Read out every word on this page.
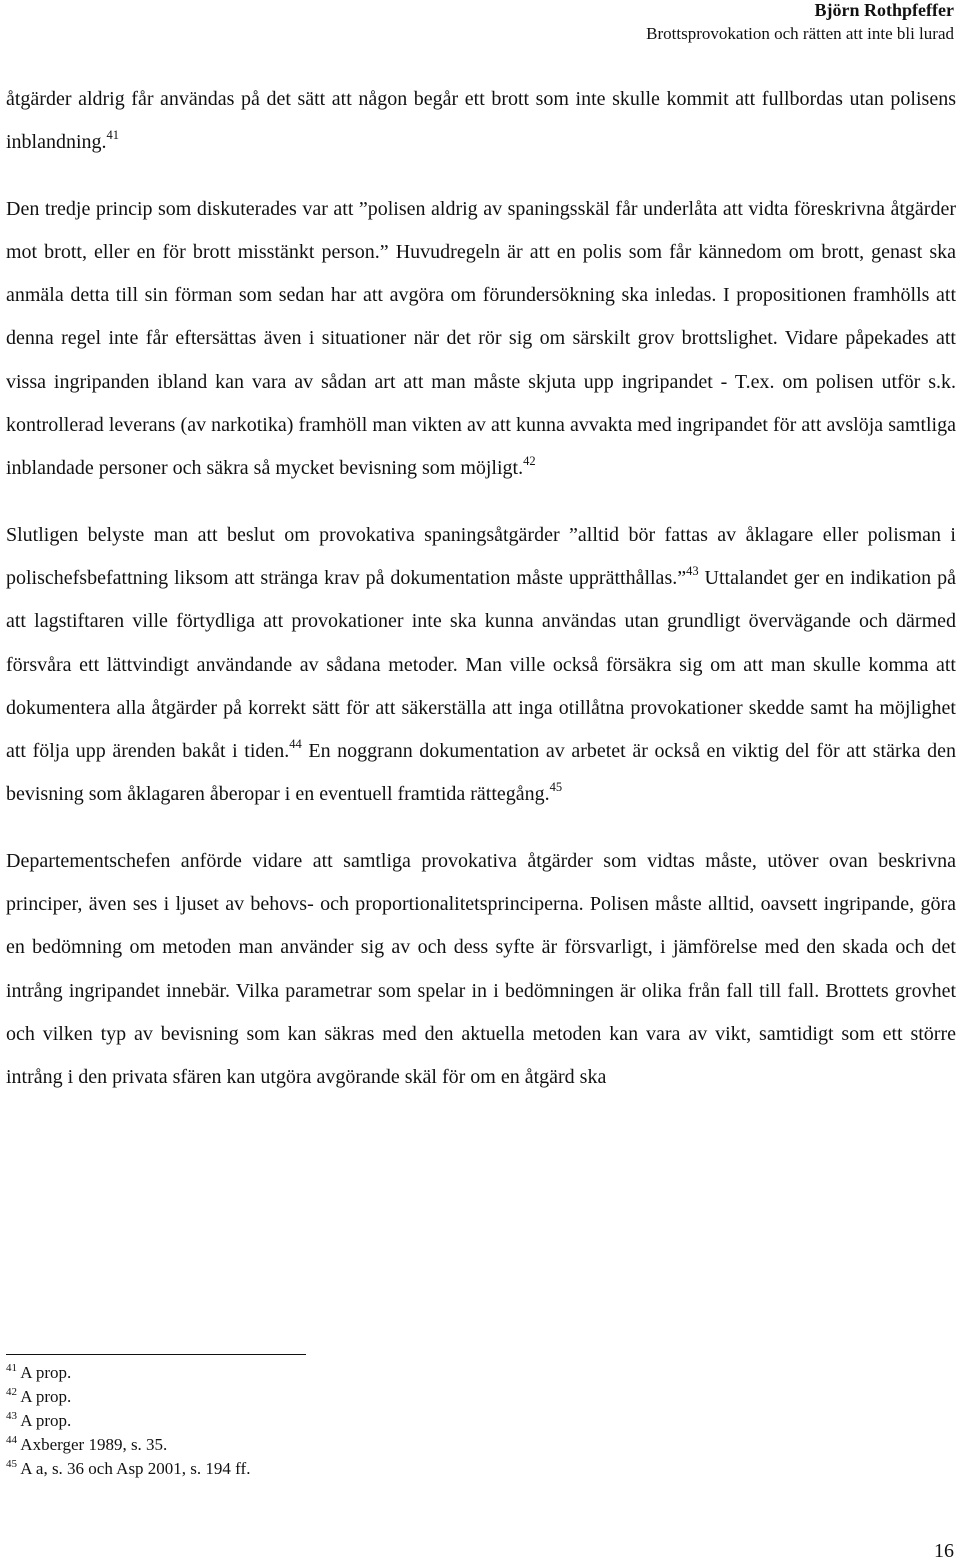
Björn Rothpfeffer
Brottsprovokation och rätten att inte bli lurad

åtgärder aldrig får användas på det sätt att någon begår ett brott som inte skulle kommit att fullbordas utan polisens inblandning.$^{41}$

Den tredje princip som diskuterades var att ”polisen aldrig av spaningsskäl får underlåta att vidta föreskrivna åtgärder mot brott, eller en för brott misstänkt person.” Huvudregeln är att en polis som får kännedom om brott, genast ska anmäla detta till sin förman som sedan har att avgöra om förundersökning ska inledas. I propositionen framhölls att denna regel inte får eftersättas även i situationer när det rör sig om särskilt grov brottslighet. Vidare påpekades att vissa ingripanden ibland kan vara av sådan art att man måste skjuta upp ingripandet - T.ex. om polisen utför s.k. kontrollerad leverans (av narkotika) framhöll man vikten av att kunna avvakta med ingripandet för att avslöja samtliga inblandade personer och säkra så mycket bevisning som möjligt.$^{42}$

Slutligen belyste man att beslut om provokativa spaningsåtgärder ”alltid bör fattas av åklagare eller polisman i polischefsbefattning liksom att stränga krav på dokumentation måste upprätthållas.”$^{43}$ Uttalandet ger en indikation på att lagstiftaren ville förtydliga att provokationer inte ska kunna användas utan grundligt övervägande och därmed försvåra ett lättvindigt användande av sådana metoder. Man ville också försäkra sig om att man skulle komma att dokumentera alla åtgärder på korrekt sätt för att säkerställa att inga otillåtna provokationer skedde samt ha möjlighet att följa upp ärenden bakåt i tiden.$^{44}$ En noggrann dokumentation av arbetet är också en viktig del för att stärka den bevisning som åklagaren åberopar i en eventuell framtida rättegång.$^{45}$

Departementschefen anförde vidare att samtliga provokativa åtgärder som vidtas måste, utöver ovan beskrivna principer, även ses i ljuset av behovs- och proportionalitetsprinciperna. Polisen måste alltid, oavsett ingripande, göra en bedömning om metoden man använder sig av och dess syfte är försvarligt, i jämförelse med den skada och det intrång ingripandet innebär. Vilka parametrar som spelar in i bedömningen är olika från fall till fall. Brottets grovhet och vilken typ av bevisning som kan säkras med den aktuella metoden kan vara av vikt, samtidigt som ett större intrång i den privata sfären kan utgöra avgörande skäl för om en åtgärd ska

$^{41}$ A prop.
$^{42}$ A prop.
$^{43}$ A prop.
$^{44}$ Axberger 1989, s. 35.
$^{45}$ A a, s. 36 och Asp 2001, s. 194 ff.
16
